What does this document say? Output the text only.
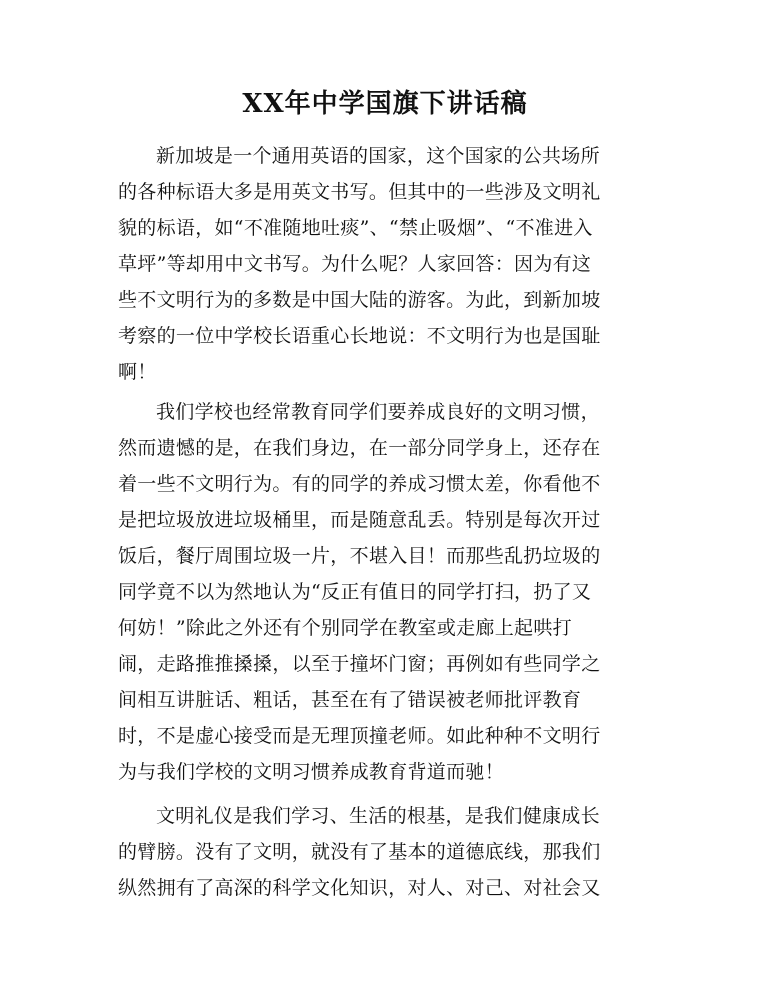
XX年中学国旗下讲话稿
新加坡是一个通用英语的国家，这个国家的公共场所
的各种标语大多是用英文书写。但其中的一些涉及文明礼
貌的标语，如“不准随地吐痰”、“禁止吸烟”、“不准进入
草坪”等却用中文书写。为什么呢？人家回答：因为有这
些不文明行为的多数是中国大陆的游客。为此，到新加坡
考察的一位中学校长语重心长地说：不文明行为也是国耻
啊！
我们学校也经常教育同学们要养成良好的文明习惯，
然而遗憾的是，在我们身边，在一部分同学身上，还存在
着一些不文明行为。有的同学的养成习惯太差，你看他不
是把垃圾放进垃圾桶里，而是随意乱丢。特别是每次开过
饭后，餐厅周围垃圾一片，不堪入目！而那些乱扔垃圾的
同学竟不以为然地认为“反正有值日的同学打扫，扔了又
何妨！”除此之外还有个别同学在教室或走廊上起哄打
闹，走路推推搡搡，以至于撞坏门窗；再例如有些同学之
间相互讲脏话、粗话，甚至在有了错误被老师批评教育
时，不是虚心接受而是无理顶撞老师。如此种种不文明行
为与我们学校的文明习惯养成教育背道而驰！
文明礼仪是我们学习、生活的根基，是我们健康成长
的臂膀。没有了文明，就没有了基本的道德底线，那我们
纵然拥有了高深的科学文化知识，对人、对己、对社会又
